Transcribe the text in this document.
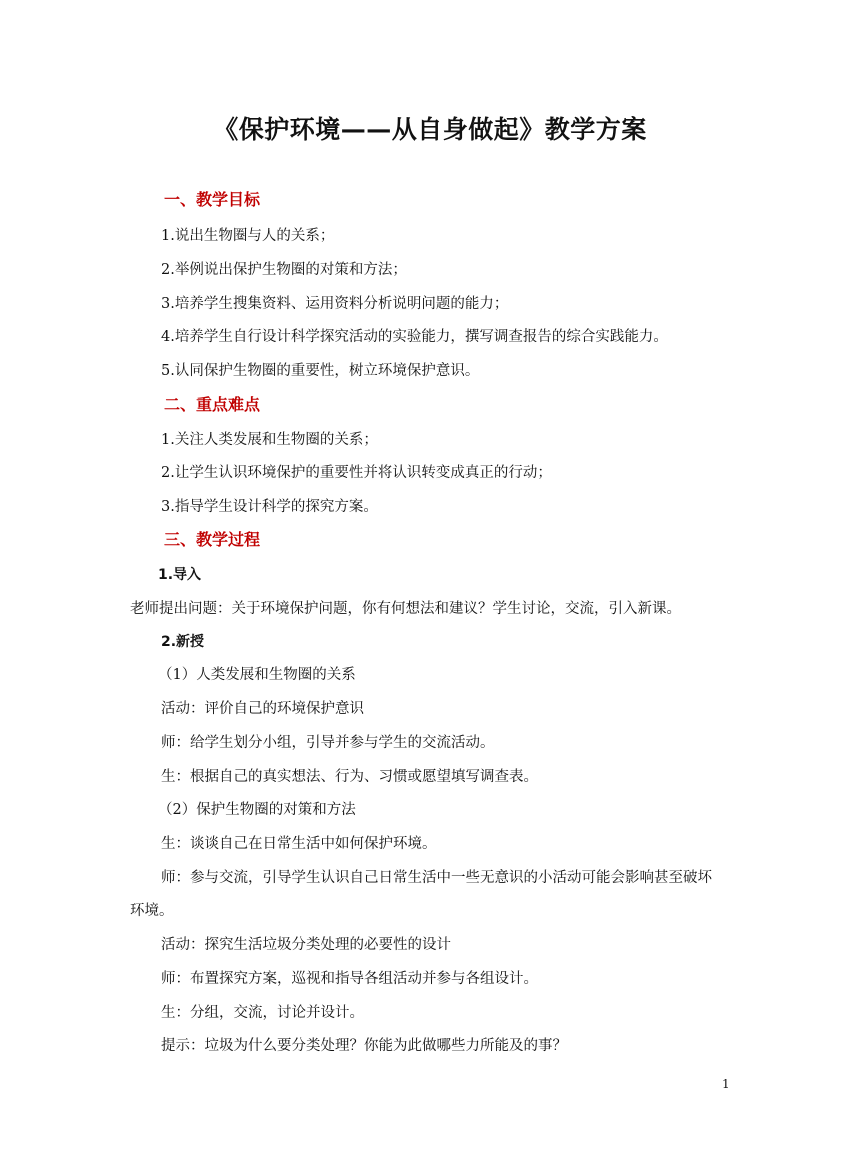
《保护环境——从自身做起》教学方案
一、教学目标
1.说出生物圈与人的关系；
2.举例说出保护生物圈的对策和方法；
3.培养学生搜集资料、运用资料分析说明问题的能力；
4.培养学生自行设计科学探究活动的实验能力，撰写调查报告的综合实践能力。
5.认同保护生物圈的重要性，树立环境保护意识。
二、重点难点
1.关注人类发展和生物圈的关系；
2.让学生认识环境保护的重要性并将认识转变成真正的行动；
3.指导学生设计科学的探究方案。
三、教学过程
1.导入
老师提出问题：关于环境保护问题，你有何想法和建议？学生讨论，交流，引入新课。
2.新授
（1）人类发展和生物圈的关系
活动：评价自己的环境保护意识
师：给学生划分小组，引导并参与学生的交流活动。
生：根据自己的真实想法、行为、习惯或愿望填写调查表。
（2）保护生物圈的对策和方法
生：谈谈自己在日常生活中如何保护环境。
师：参与交流，引导学生认识自己日常生活中一些无意识的小活动可能会影响甚至破坏
环境。
活动：探究生活垃圾分类处理的必要性的设计
师：布置探究方案，巡视和指导各组活动并参与各组设计。
生：分组，交流，讨论并设计。
提示：垃圾为什么要分类处理？你能为此做哪些力所能及的事？
1
